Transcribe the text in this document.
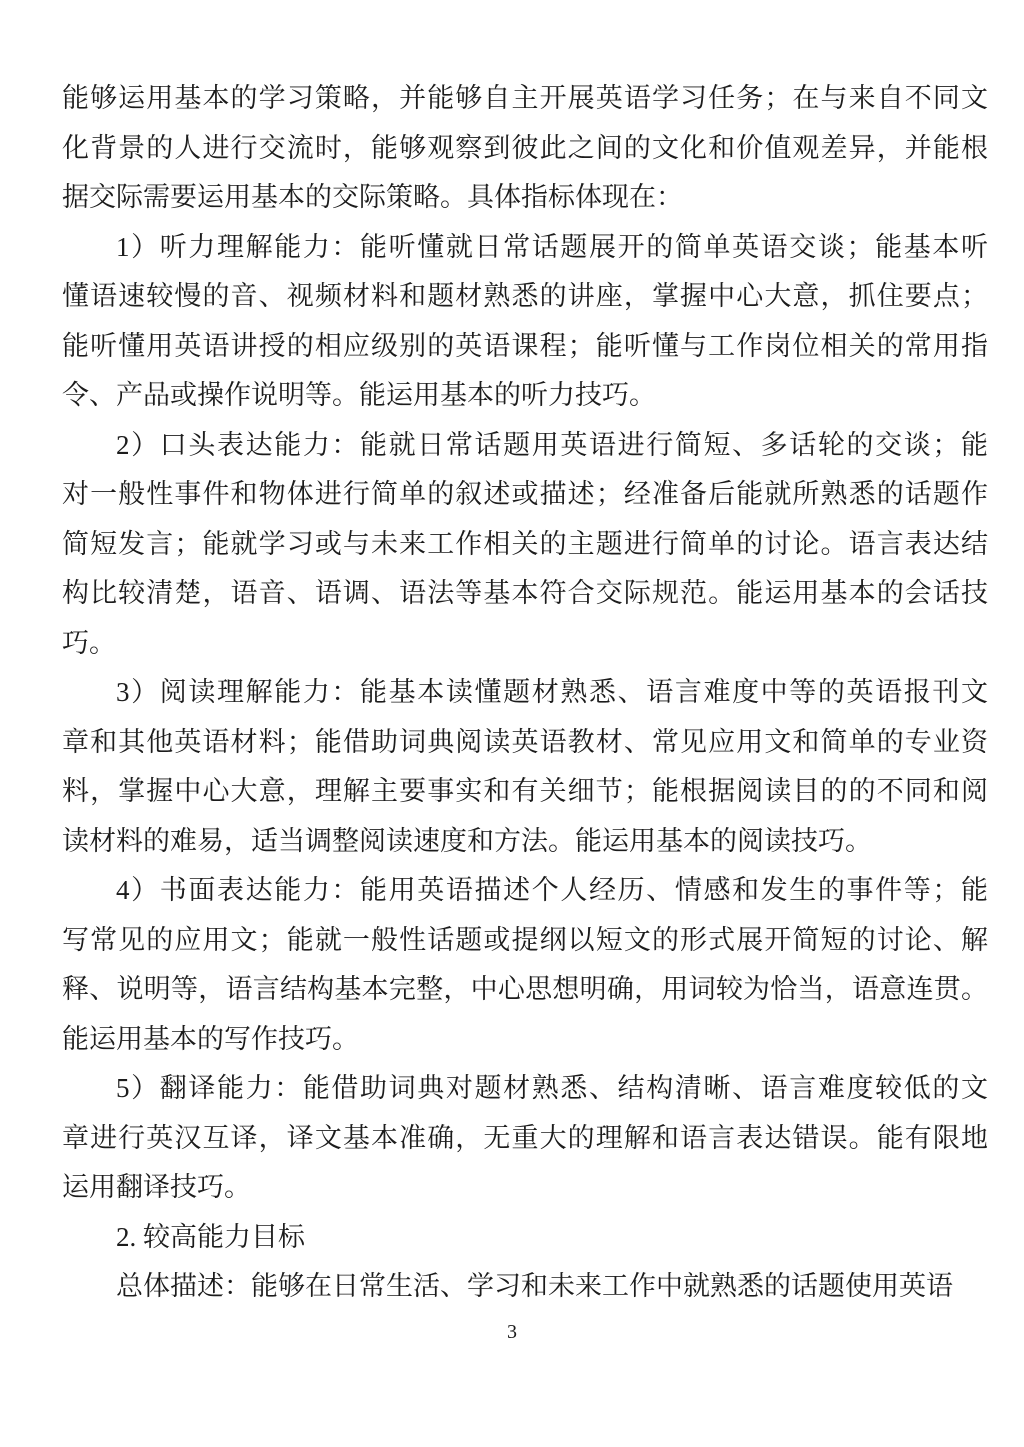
能够运用基本的学习策略，并能够自主开展英语学习任务；在与来自不同文
化背景的人进行交流时，能够观察到彼此之间的文化和价值观差异，并能根
据交际需要运用基本的交际策略。具体指标体现在：
1）听力理解能力：能听懂就日常话题展开的简单英语交谈；能基本听
懂语速较慢的音、视频材料和题材熟悉的讲座，掌握中心大意，抓住要点；
能听懂用英语讲授的相应级别的英语课程；能听懂与工作岗位相关的常用指
令、产品或操作说明等。能运用基本的听力技巧。
2）口头表达能力：能就日常话题用英语进行简短、多话轮的交谈；能
对一般性事件和物体进行简单的叙述或描述；经准备后能就所熟悉的话题作
简短发言；能就学习或与未来工作相关的主题进行简单的讨论。语言表达结
构比较清楚，语音、语调、语法等基本符合交际规范。能运用基本的会话技
巧。
3）阅读理解能力：能基本读懂题材熟悉、语言难度中等的英语报刊文
章和其他英语材料；能借助词典阅读英语教材、常见应用文和简单的专业资
料，掌握中心大意，理解主要事实和有关细节；能根据阅读目的的不同和阅
读材料的难易，适当调整阅读速度和方法。能运用基本的阅读技巧。
4）书面表达能力：能用英语描述个人经历、情感和发生的事件等；能
写常见的应用文；能就一般性话题或提纲以短文的形式展开简短的讨论、解
释、说明等，语言结构基本完整，中心思想明确，用词较为恰当，语意连贯。
能运用基本的写作技巧。
5）翻译能力：能借助词典对题材熟悉、结构清晰、语言难度较低的文
章进行英汉互译，译文基本准确，无重大的理解和语言表达错误。能有限地
运用翻译技巧。
2. 较高能力目标
总体描述：能够在日常生活、学习和未来工作中就熟悉的话题使用英语
3
